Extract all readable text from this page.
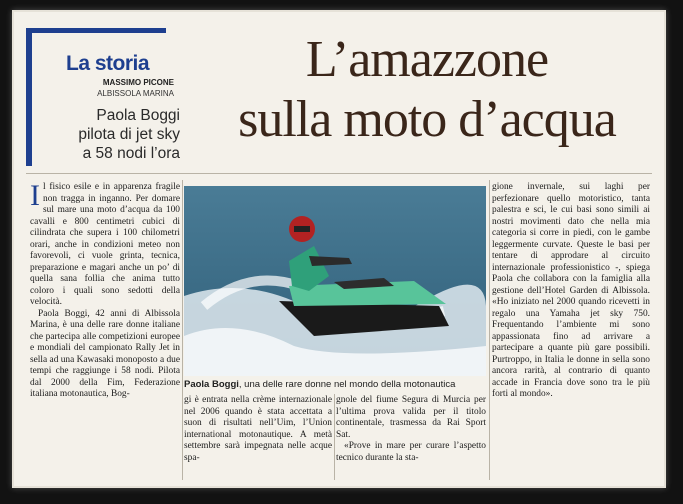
La storia
MASSIMO PICONE
ALBISSOLA MARINA
Paola Boggi
pilota di jet sky
a 58 nodi l’ora
L’amazzone
sulla moto d’acqua

Il fisico esile e in apparenza fragile non tragga in inganno. Per domare sul mare una moto d’acqua da 100 cavalli e 800 centimetri cubici di cilindrata che supera i 100 chilometri orari, anche in condizioni meteo non favorevoli, ci vuole grinta, tecnica, preparazione e magari anche un po’ di quella sana follia che anima tutto coloro i quali sono sedotti della velocità.

Paola Boggi, 42 anni di Albissola Marina, è una delle rare donne italiane che partecipa alle competizioni europee e mondiali del campionato Rally Jet in sella ad una Kawasaki monoposto a due tempi che raggiunge i 58 nodi. Pilota dal 2000 della Fim, Federazione italiana motonautica, Bog-

Paola Boggi, una delle rare donne nel mondo della motonautica

gi è entrata nella crème internazionale nel 2006 quando è stata accettata a suon di risultati nell’Uim, l’Union international motonautique. A metà settembre sarà impegnata nelle acque spa-

gnole del fiume Segura di Murcia per l’ultima prova valida per il titolo continentale, trasmessa da Rai Sport Sat.

«Prove in mare per curare l’aspetto tecnico durante la sta-

gione invernale, sui laghi per perfezionare quello motoristico, tanta palestra e sci, le cui basi sono simili ai nostri movimenti dato che nella mia categoria si corre in piedi, con le gambe leggermente curvate. Queste le basi per tentare di approdare al circuito internazionale professionistico -, spiega Paola che collabora con la famiglia alla gestione dell’Hotel Garden di Albissola. «Ho iniziato nel 2000 quando ricevetti in regalo una Yamaha jet sky 750. Frequentando l’ambiente mi sono appassionata fino ad arrivare a partecipare a quante più gare possibili. Purtroppo, in Italia le donne in sella sono ancora rarità, al contrario di quanto accade in Francia dove sono tra le più forti al mondo».
